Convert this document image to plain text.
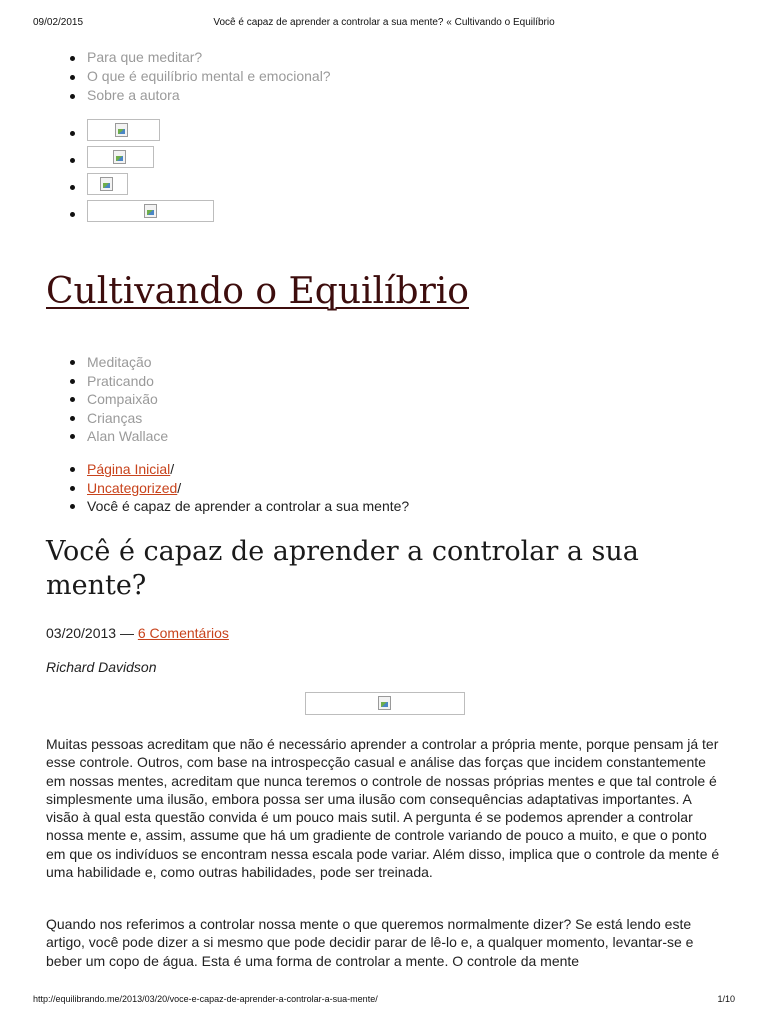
09/02/2015	Você é capaz de aprender a controlar a sua mente? « Cultivando o Equilíbrio
Para que meditar?
O que é equilíbrio mental e emocional?
Sobre a autora
Cultivando o Equilíbrio
Meditação
Praticando
Compaixão
Crianças
Alan Wallace
Página Inicial/
Uncategorized/
Você é capaz de aprender a controlar a sua mente?
Você é capaz de aprender a controlar a sua mente?
03/20/2013 — 6 Comentários
Richard Davidson

Muitas pessoas acreditam que não é necessário aprender a controlar a própria mente, porque pensam já ter esse controle. Outros, com base na introspecção casual e análise das forças que incidem constantemente em nossas mentes, acreditam que nunca teremos o controle de nossas próprias mentes e que tal controle é simplesmente uma ilusão, embora possa ser uma ilusão com consequências adaptativas importantes. A visão à qual esta questão convida é um pouco mais sutil. A pergunta é se podemos aprender a controlar nossa mente e, assim, assume que há um gradiente de controle variando de pouco a muito, e que o ponto em que os indivíduos se encontram nessa escala pode variar. Além disso, implica que o controle da mente é uma habilidade e, como outras habilidades, pode ser treinada.

Quando nos referimos a controlar nossa mente o que queremos normalmente dizer? Se está lendo este artigo, você pode dizer a si mesmo que pode decidir parar de lê-lo e, a qualquer momento, levantar-se e beber um copo de água. Esta é uma forma de controlar a mente. O controle da mente

http://equilibrando.me/2013/03/20/voce-e-capaz-de-aprender-a-controlar-a-sua-mente/	1/10
